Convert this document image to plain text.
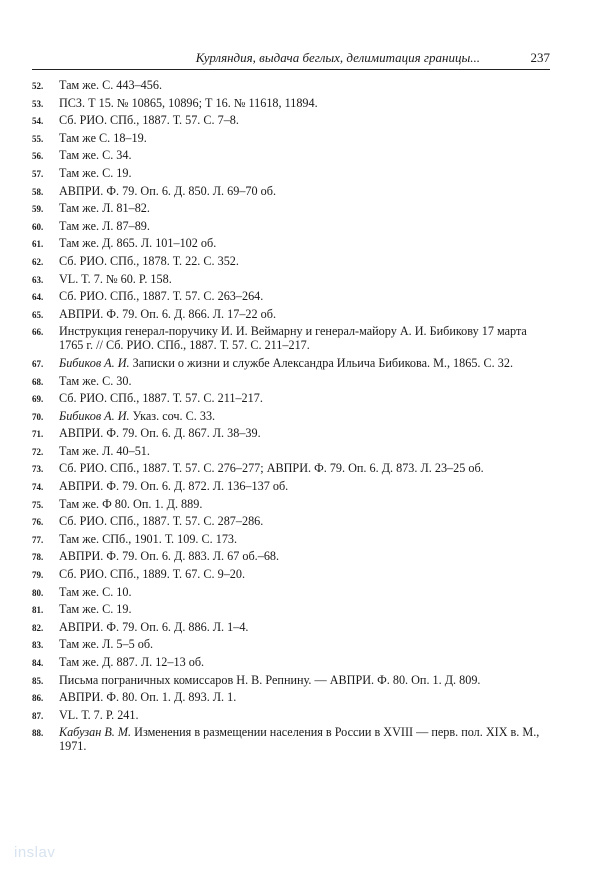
Курляндия, выдача беглых, делимитация границы...	237
52. Там же. С. 443–456.
53. ПСЗ. Т 15. № 10865, 10896; Т 16. № 11618, 11894.
54. Сб. РИО. СПб., 1887. Т. 57. С. 7–8.
55. Там же С. 18–19.
56. Там же. С. 34.
57. Там же. С. 19.
58. АВПРИ. Ф. 79. Оп. 6. Д. 850. Л. 69–70 об.
59. Там же. Л. 81–82.
60. Там же. Л. 87–89.
61. Там же. Д. 865. Л. 101–102 об.
62. Сб. РИО. СПб., 1878. Т. 22. С. 352.
63. VL. T. 7. № 60. P. 158.
64. Сб. РИО. СПб., 1887. Т. 57. С. 263–264.
65. АВПРИ. Ф. 79. Оп. 6. Д. 866. Л. 17–22 об.
66. Инструкция генерал-поручику И. И. Веймарну и генерал-майору А. И. Бибикову 17 марта 1765 г. // Сб. РИО. СПб., 1887. Т. 57. С. 211–217.
67. Бибиков А. И. Записки о жизни и службе Александра Ильича Бибикова. М., 1865. С. 32.
68. Там же. С. 30.
69. Сб. РИО. СПб., 1887. Т. 57. С. 211–217.
70. Бибиков А. И. Указ. соч. С. 33.
71. АВПРИ. Ф. 79. Оп. 6. Д. 867. Л. 38–39.
72. Там же. Л. 40–51.
73. Сб. РИО. СПб., 1887. Т. 57. С. 276–277; АВПРИ. Ф. 79. Оп. 6. Д. 873. Л. 23–25 об.
74. АВПРИ. Ф. 79. Оп. 6. Д. 872. Л. 136–137 об.
75. Там же. Ф 80. Оп. 1. Д. 889.
76. Сб. РИО. СПб., 1887. Т. 57. С. 287–286.
77. Там же. СПб., 1901. Т. 109. С. 173.
78. АВПРИ. Ф. 79. Оп. 6. Д. 883. Л. 67 об.–68.
79. Сб. РИО. СПб., 1889. Т. 67. С. 9–20.
80. Там же. С. 10.
81. Там же. С. 19.
82. АВПРИ. Ф. 79. Оп. 6. Д. 886. Л. 1–4.
83. Там же. Л. 5–5 об.
84. Там же. Д. 887. Л. 12–13 об.
85. Письма пограничных комиссаров Н. В. Репнину. — АВПРИ. Ф. 80. Оп. 1. Д. 809.
86. АВПРИ. Ф. 80. Оп. 1. Д. 893. Л. 1.
87. VL. Т. 7. Р. 241.
88. Кабузан В. М. Изменения в размещении населения в России в XVIII — перв. пол. XIX в. М., 1971.
inslav
